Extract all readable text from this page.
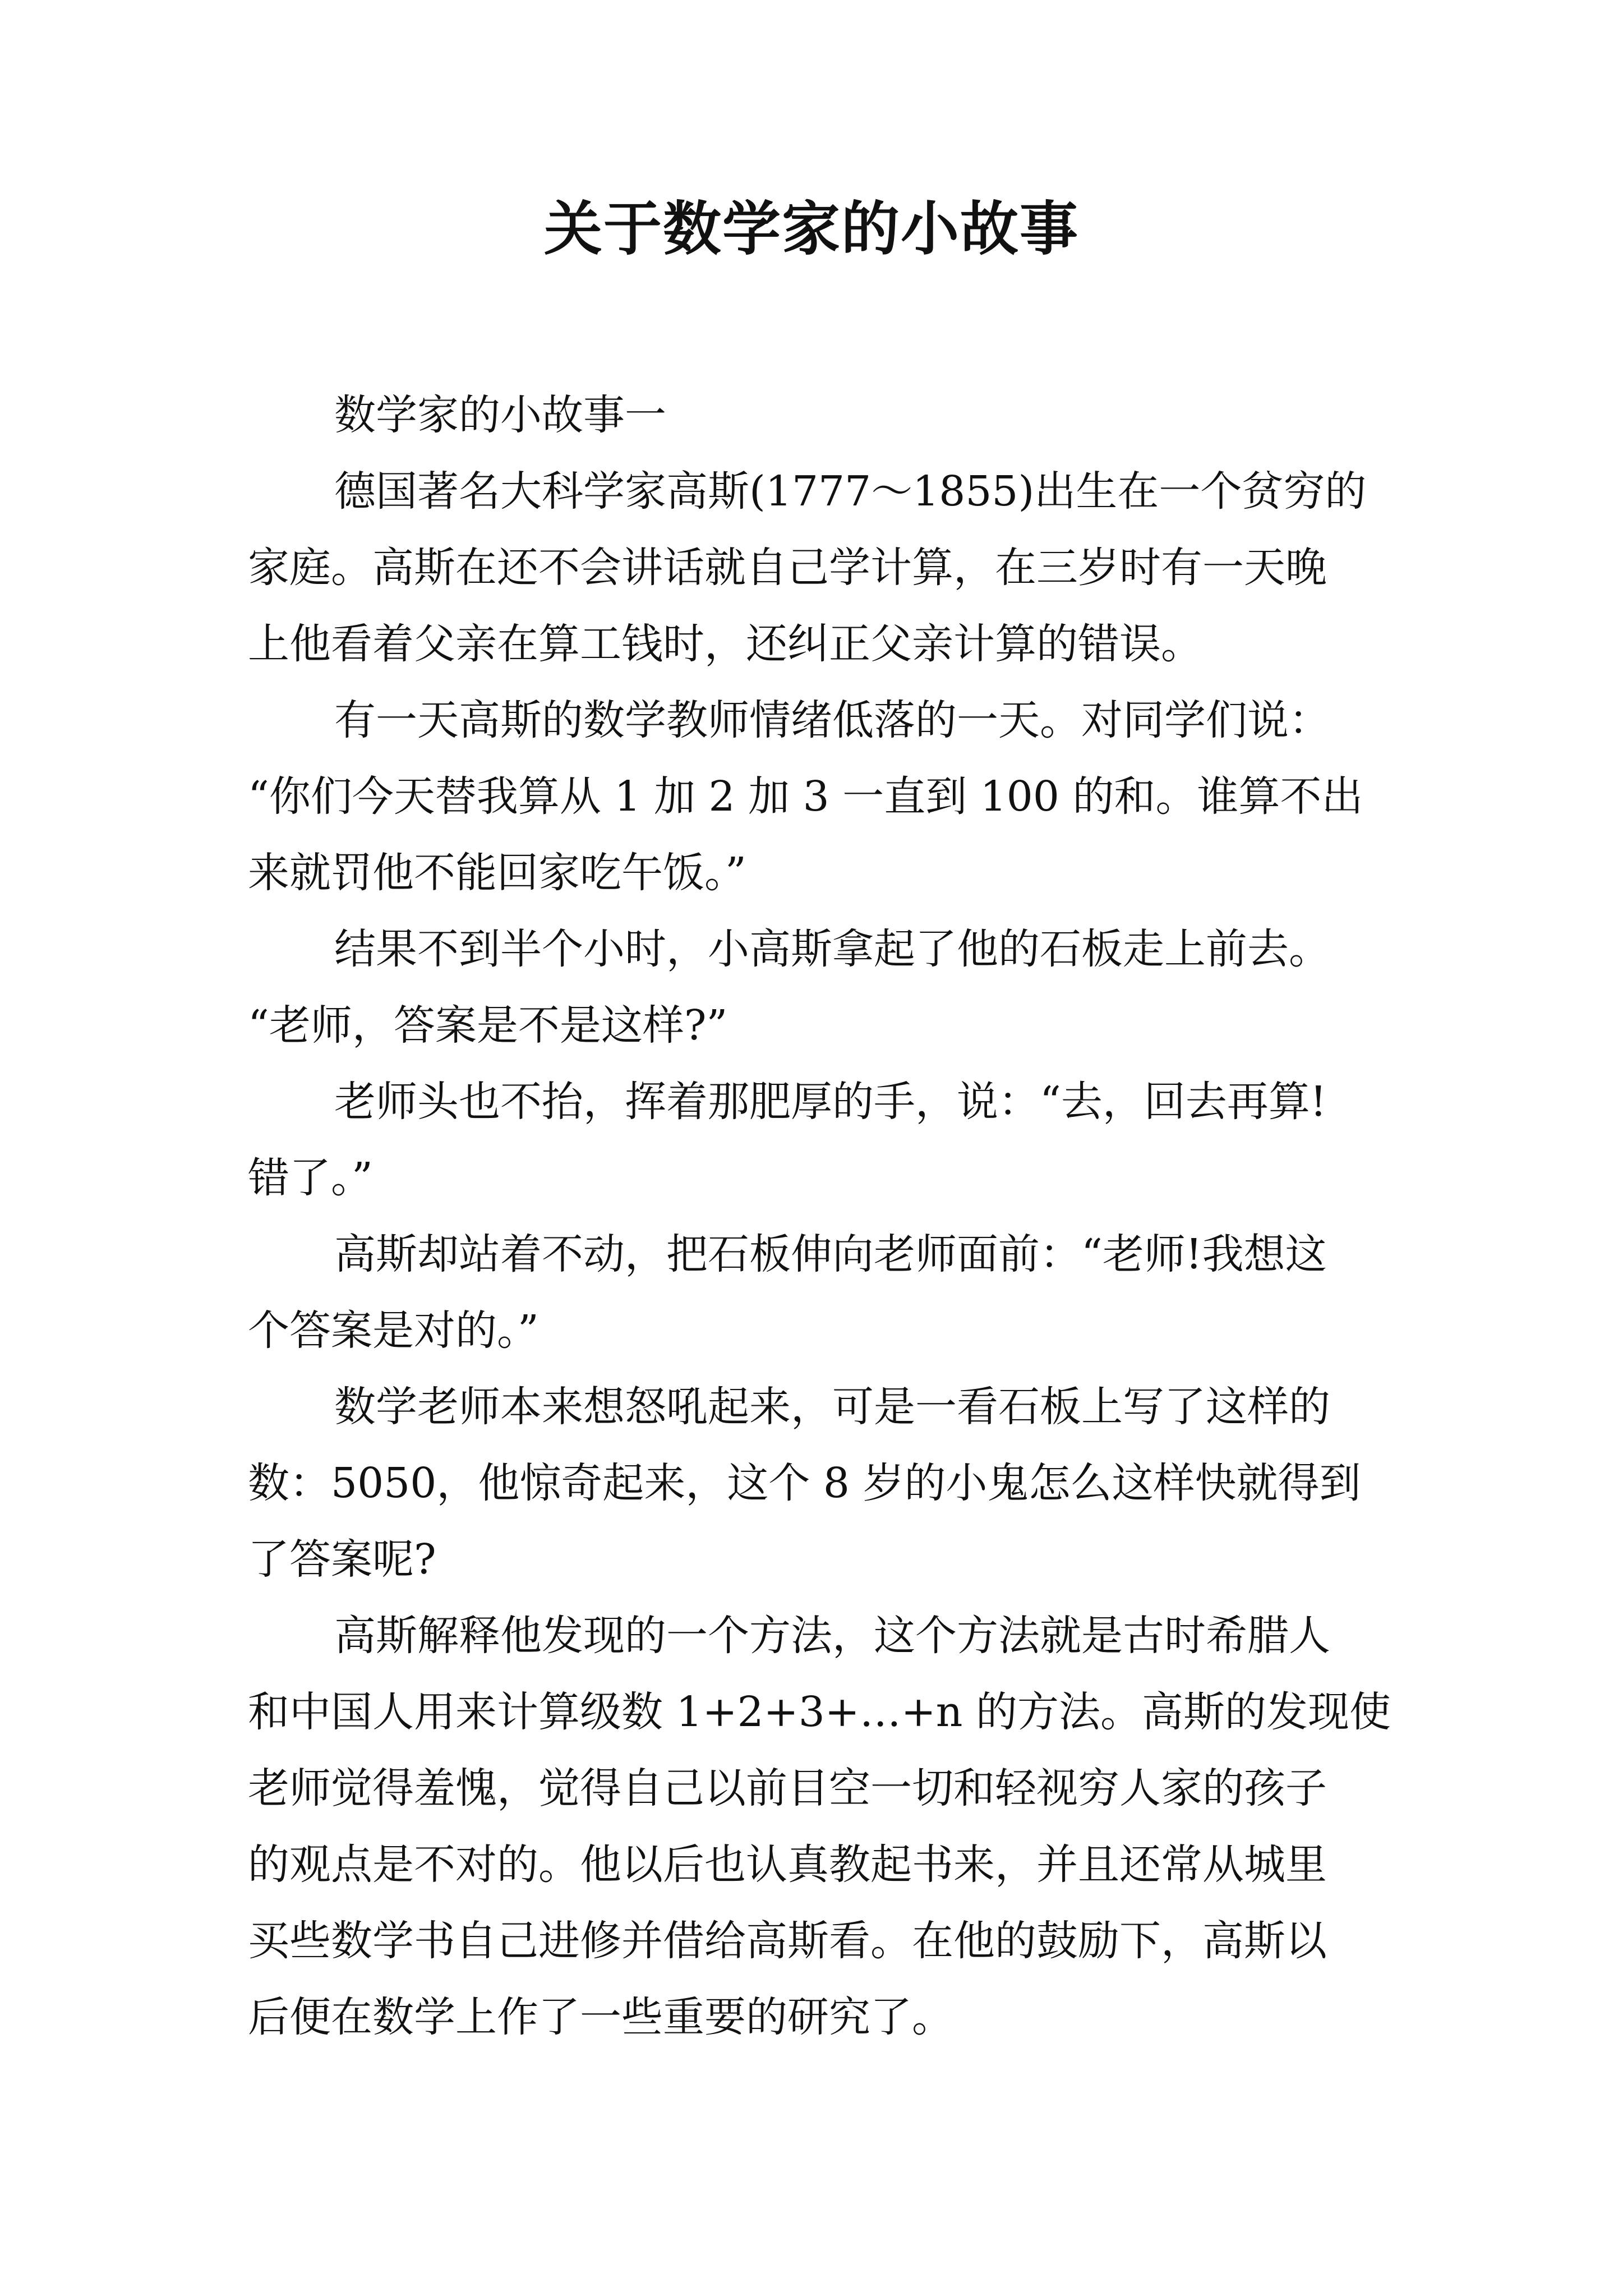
关于数学家的小故事
数学家的小故事一
德国著名大科学家高斯(1777～1855)出生在一个贫穷的
家庭。高斯在还不会讲话就自己学计算，在三岁时有一天晚
上他看着父亲在算工钱时，还纠正父亲计算的错误。
有一天高斯的数学教师情绪低落的一天。对同学们说：
“你们今天替我算从 1 加 2 加 3 一直到 100 的和。谁算不出
来就罚他不能回家吃午饭。”
结果不到半个小时，小高斯拿起了他的石板走上前去。
“老师，答案是不是这样?”
老师头也不抬，挥着那肥厚的手，说：“去，回去再算!
错了。”
高斯却站着不动，把石板伸向老师面前：“老师!我想这
个答案是对的。”
数学老师本来想怒吼起来，可是一看石板上写了这样的
数：5050，他惊奇起来，这个 8 岁的小鬼怎么这样快就得到
了答案呢?
高斯解释他发现的一个方法，这个方法就是古时希腊人
和中国人用来计算级数 1+2+3+…+n 的方法。高斯的发现使
老师觉得羞愧，觉得自己以前目空一切和轻视穷人家的孩子
的观点是不对的。他以后也认真教起书来，并且还常从城里
买些数学书自己进修并借给高斯看。在他的鼓励下，高斯以
后便在数学上作了一些重要的研究了。
